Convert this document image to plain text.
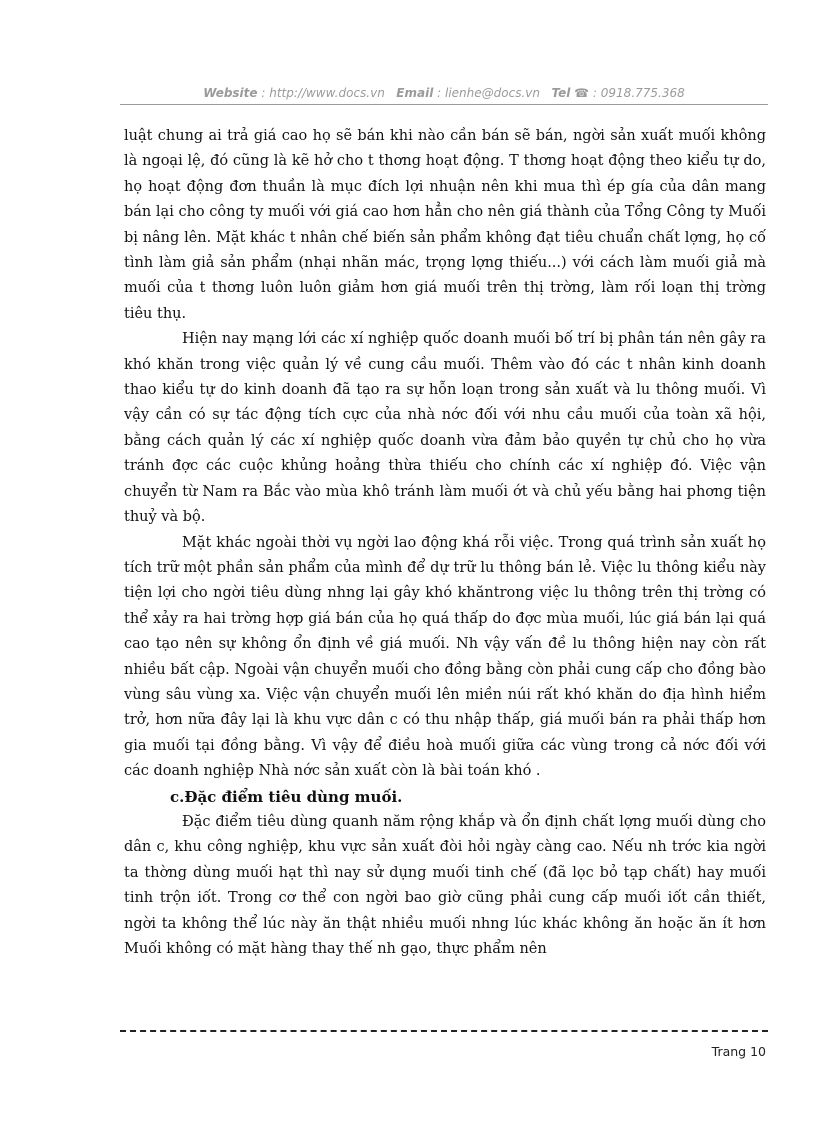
Website : http://www.docs.vn Email : lienhe@docs.vn Tel ☎ : 0918.775.368

luật chung ai trả giá cao họ sẽ bán khi nào cần bán sẽ bán, ngời sản xuất muối không là ngoại lệ, đó cũng là kẽ hở cho t thơng hoạt động. T thơng hoạt động theo kiểu tự do, họ hoạt động đơn thuần là mục đích lợi nhuận nên khi mua thì ép gía của dân mang bán lại cho công ty muối với giá cao hơn hẳn cho nên giá thành của Tổng Công ty Muối bị nâng lên. Mặt khác t nhân chế biến sản phẩm không đạt tiêu chuẩn chất lợng, họ cố tình làm giả sản phẩm (nhại nhãn mác, trọng lợng thiếu...) với cách làm muối giả mà muối của t thơng luôn luôn giảm hơn giá muối trên thị trờng, làm rối loạn thị trờng tiêu thụ.

Hiện nay mạng lới các xí nghiệp quốc doanh muối bố trí bị phân tán nên gây ra khó khăn trong việc quản lý về cung cầu muối. Thêm vào đó các t nhân kinh doanh thao kiểu tự do kinh doanh đã tạo ra sự hỗn loạn trong sản xuất và lu thông muối. Vì vậy cần có sự tác động tích cực của nhà nớc đối với nhu cầu muối của toàn xã hội, bằng cách quản lý các xí nghiệp quốc doanh vừa đảm bảo quyền tự chủ cho họ vừa tránh đợc các cuộc khủng hoảng thừa thiếu cho chính các xí nghiệp đó. Việc vận chuyển từ Nam ra Bắc vào mùa khô tránh làm muối ớt và chủ yếu bằng hai phơng tiện thuỷ và bộ.

Mặt khác ngoài thời vụ ngời lao động khá rỗi việc. Trong quá trình sản xuất họ tích trữ một phần sản phẩm của mình để dự trữ lu thông bán lẻ. Việc lu thông kiểu này tiện lợi cho ngời tiêu dùng nhng lại gây khó khăntrong việc lu thông trên thị trờng có thể xảy ra hai trờng hợp giá bán của họ quá thấp do đợc mùa muối, lúc giá bán lại quá cao tạo nên sự không ổn định về giá muối. Nh vậy vấn đề lu thông hiện nay còn rất nhiều bất cập. Ngoài vận chuyển muối cho đồng bằng còn phải cung cấp cho đồng bào vùng sâu vùng xa. Việc vận chuyển muối lên miền núi rất khó khăn do địa hình hiểm trở, hơn nữa đây lại là khu vực dân c có thu nhập thấp, giá muối bán ra phải thấp hơn gia muối tại đồng bằng. Vì vậy để điều hoà muối giữa các vùng trong cả nớc đối với các doanh nghiệp Nhà nớc sản xuất còn là bài toán khó .

c.Đặc điểm tiêu dùng muối.

Đặc điểm tiêu dùng quanh năm rộng khắp và ổn định chất lợng muối dùng cho dân c, khu công nghiệp, khu vực sản xuất đòi hỏi ngày càng cao. Nếu nh trớc kia ngời ta thờng dùng muối hạt thì nay sử dụng muối tinh chế (đã lọc bỏ tạp chất) hay muối tinh trộn iốt. Trong cơ thể con ngời bao giờ cũng phải cung cấp muối iốt cần thiết, ngời ta không thể lúc này ăn thật nhiều muối nhng lúc khác không ăn hoặc ăn ít hơn Muối không có mặt hàng thay thế nh gạo, thực phẩm nên

Trang 10
